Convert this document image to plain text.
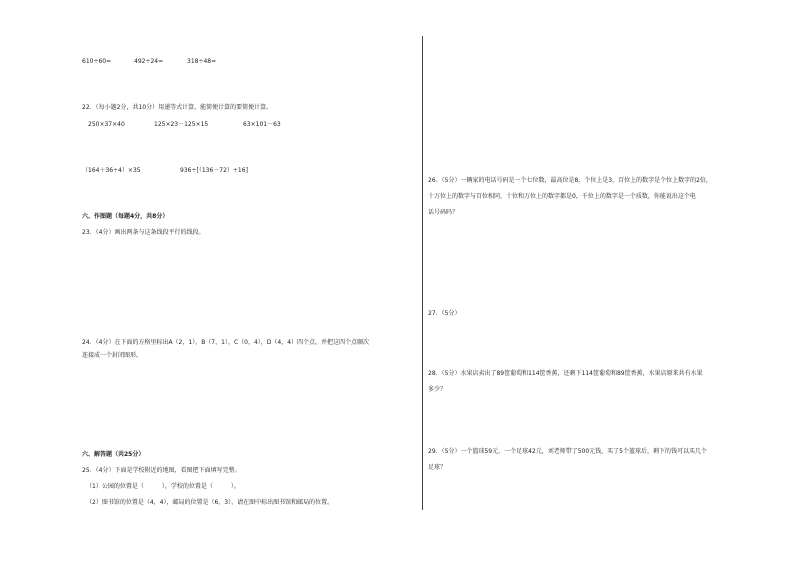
610÷60=	492÷24=	318÷48=
22．（每小题2分，共10分）用递等式计算，能简便计算的要简便计算。
250×37×40	125×23－125×15	63×101－63
（164＋36÷4）×35	936÷[（136－72）÷16]
六、作图题（每题4分，共8分）
23．（4分）画出两条与这条线段平行的线段。
24．（4分）在下面的方格里标出A（2，1），B（7，1），C（0，4），D（4，4）四个点，并把这四个点顺次
连接成一个封闭图形。
0 1 2 3 4 5 6 7 8 9 10
1
2
3
4
5
六、解答题（共25分）
25．（4分）下面是学校附近的地图，看图把下面填写完整。
（1）公园的位置是（　　　），学校的位置是（　　　）。
（2）图书馆的位置是（4，4），邮局的位置是（6，3），请在图中标出图书馆和邮局的位置。
0	1	2	3	4	5	6
1
2
3
4
公园
学校 超市
银行
26．（5分）一辆家的电话号码是一个七位数，最高位是8，个位上是3，百位上的数字是个位上数字的2倍，
十万位上的数字与百位相同，十位和万位上的数字都是0，千位上的数字是一个质数，你能说出这个电
话号码吗？
为建设班级图书角，学
校买来2400本图书。
每班分135本，有
18个班，够分吗？
27．（5分）
28．（5分）水果店卖出了89筐葡萄和114筐香蕉，还剩下114筐葡萄和89筐香蕉，水果店原来共有水果
多少？
29．（5分）一个篮球59元，一个足球42元，刘老师带了500元钱，买了5个篮球后，剩下的钱可以买几个
足球？
